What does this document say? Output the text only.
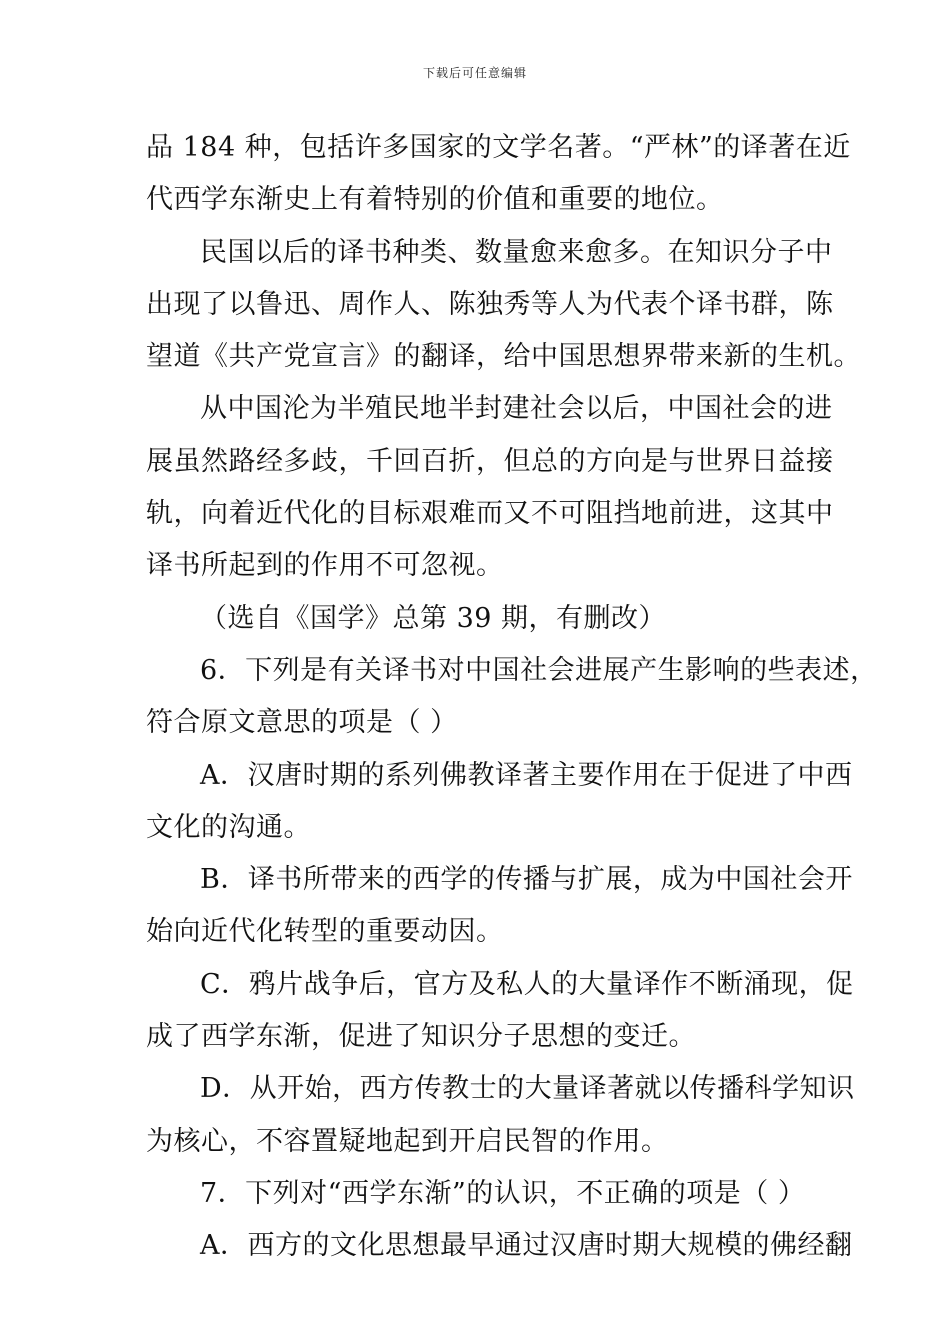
下载后可任意编辑
品 184 种，包括许多国家的文学名著。“严林”的译著在近
代西学东渐史上有着特别的价值和重要的地位。
民国以后的译书种类、数量愈来愈多。在知识分子中
出现了以鲁迅、周作人、陈独秀等人为代表个译书群，陈
望道《共产党宣言》的翻译，给中国思想界带来新的生机。
从中国沦为半殖民地半封建社会以后，中国社会的进
展虽然路经多歧，千回百折，但总的方向是与世界日益接
轨，向着近代化的目标艰难而又不可阻挡地前进，这其中
译书所起到的作用不可忽视。
（选自《国学》总第 39 期，有删改）
6．下列是有关译书对中国社会进展产生影响的些表述，
符合原文意思的项是（ ）
A．汉唐时期的系列佛教译著主要作用在于促进了中西
文化的沟通。
B．译书所带来的西学的传播与扩展，成为中国社会开
始向近代化转型的重要动因。
C．鸦片战争后，官方及私人的大量译作不断涌现，促
成了西学东渐，促进了知识分子思想的变迁。
D．从开始，西方传教士的大量译著就以传播科学知识
为核心，不容置疑地起到开启民智的作用。
7．下列对“西学东渐”的认识，不正确的项是（ ）
A．西方的文化思想最早通过汉唐时期大规模的佛经翻
